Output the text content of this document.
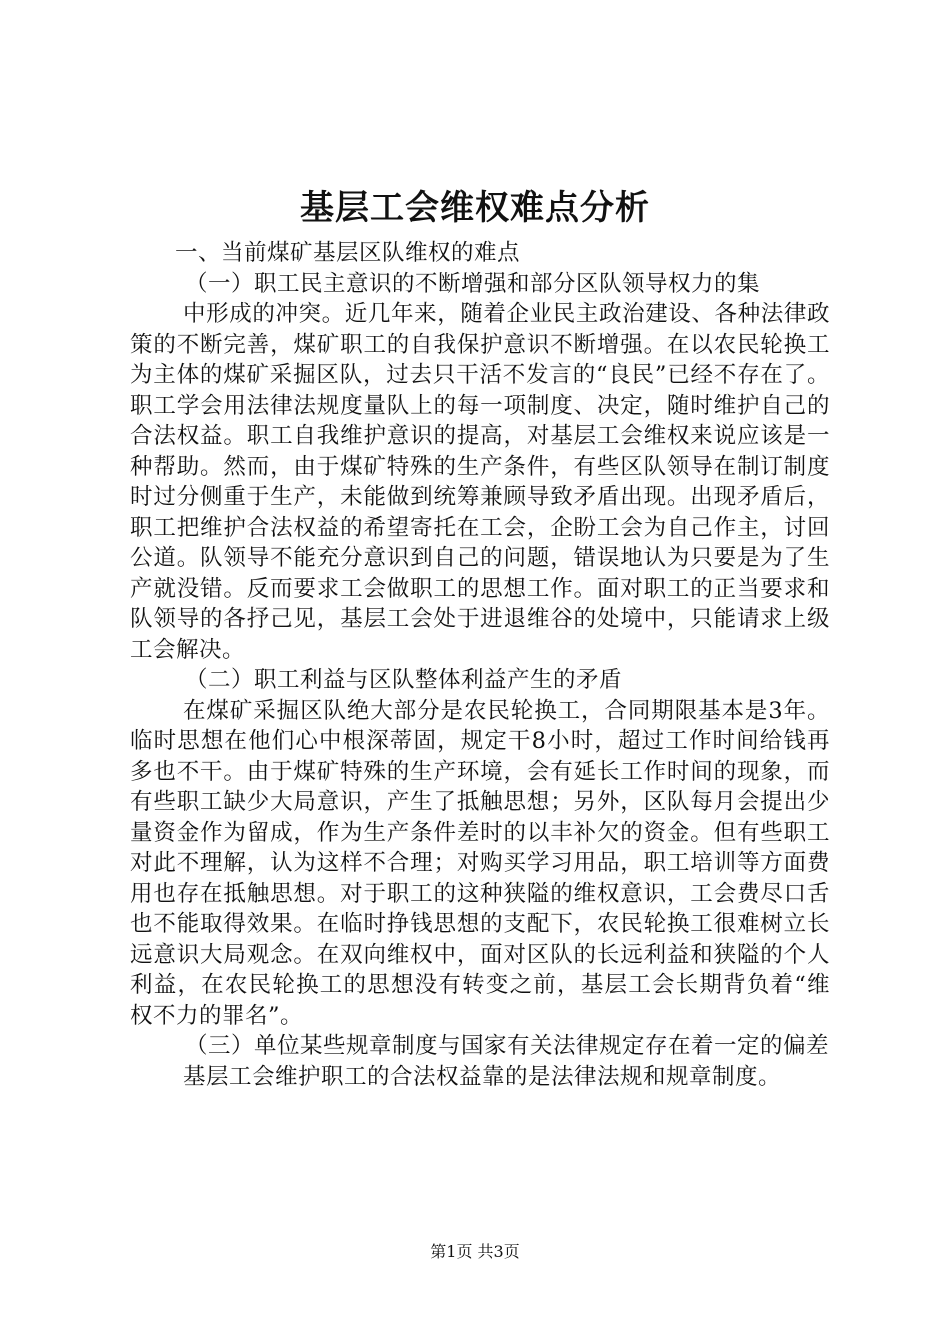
基层工会维权难点分析

一、当前煤矿基层区队维权的难点

（一）职工民主意识的不断增强和部分区队领导权力的集

中形成的冲突。近几年来，随着企业民主政治建设、各种法律政策的不断完善，煤矿职工的自我保护意识不断增强。在以农民轮换工为主体的煤矿采掘区队，过去只干活不发言的“良民”已经不存在了。职工学会用法律法规度量队上的每一项制度、决定，随时维护自己的合法权益。职工自我维护意识的提高，对基层工会维权来说应该是一种帮助。然而，由于煤矿特殊的生产条件，有些区队领导在制订制度时过分侧重于生产，未能做到统筹兼顾导致矛盾出现。出现矛盾后，职工把维护合法权益的希望寄托在工会，企盼工会为自己作主，讨回公道。队领导不能充分意识到自己的问题，错误地认为只要是为了生产就没错。反而要求工会做职工的思想工作。面对职工的正当要求和队领导的各抒己见，基层工会处于进退维谷的处境中，只能请求上级工会解决。

（二）职工利益与区队整体利益产生的矛盾

在煤矿采掘区队绝大部分是农民轮换工，合同期限基本是3年。临时思想在他们心中根深蒂固，规定干8小时，超过工作时间给钱再多也不干。由于煤矿特殊的生产环境，会有延长工作时间的现象，而有些职工缺少大局意识，产生了抵触思想；另外，区队每月会提出少量资金作为留成，作为生产条件差时的以丰补欠的资金。但有些职工对此不理解，认为这样不合理；对购买学习用品，职工培训等方面费用也存在抵触思想。对于职工的这种狭隘的维权意识，工会费尽口舌也不能取得效果。在临时挣钱思想的支配下，农民轮换工很难树立长远意识大局观念。在双向维权中，面对区队的长远利益和狭隘的个人利益，在农民轮换工的思想没有转变之前，基层工会长期背负着“维权不力的罪名”。

（三）单位某些规章制度与国家有关法律规定存在着一定的偏差

基层工会维护职工的合法权益靠的是法律法规和规章制度。

第1页 共3页
